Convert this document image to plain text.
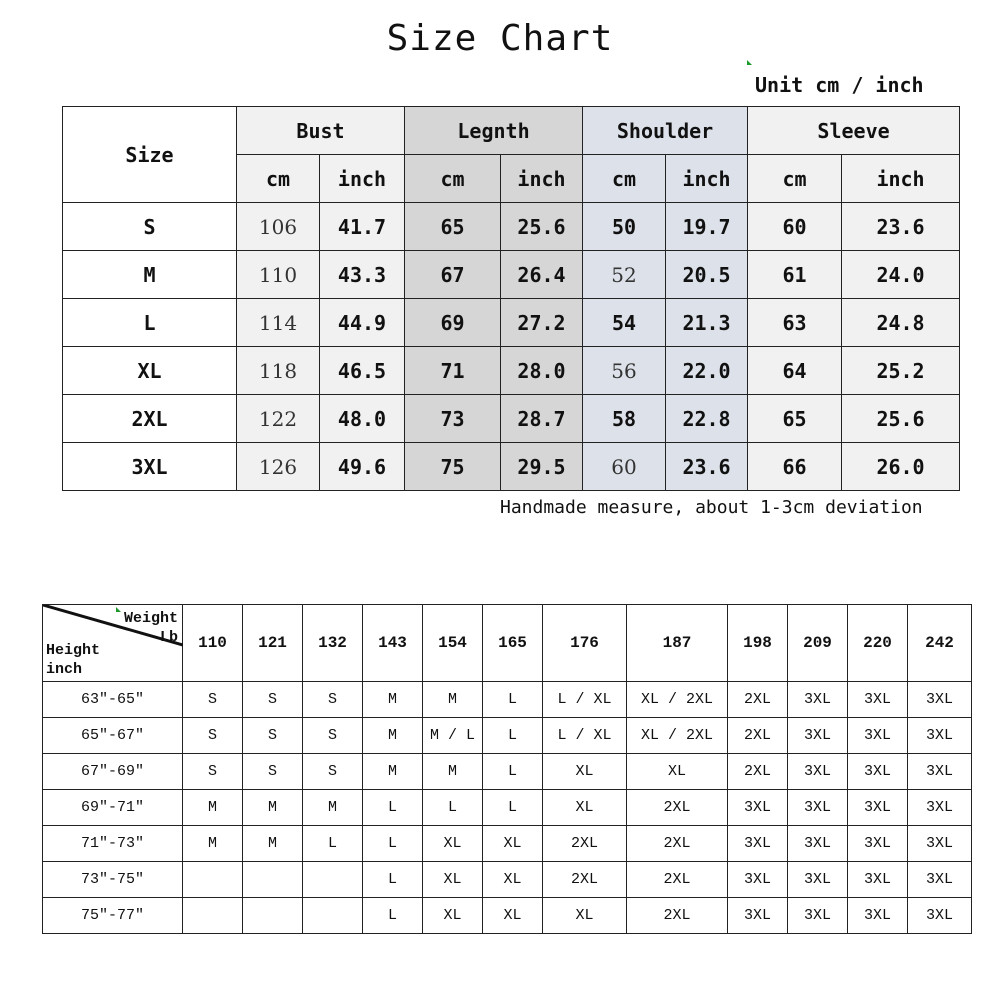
Size Chart
Unit cm / inch
Size	Bust		Legnth		Shoulder		Sleeve	
	cm	inch	cm	inch	cm	inch	cm	inch
S	106	41.7	65	25.6	50	19.7	60	23.6
M	110	43.3	67	26.4	52	20.5	61	24.0
L	114	44.9	69	27.2	54	21.3	63	24.8
XL	118	46.5	71	28.0	56	22.0	64	25.2
2XL	122	48.0	73	28.7	58	22.8	65	25.6
3XL	126	49.6	75	29.5	60	23.6	66	26.0
Handmade measure, about 1-3cm deviation
Weight
Lb
Height
inch	110	121	132	143	154	165	176	187	198	209	220	242
63″-65″	S	S	S	M	M	L	L / XL	XL / 2XL	2XL	3XL	3XL	3XL
65″-67″	S	S	S	M	M / L	L	L / XL	XL / 2XL	2XL	3XL	3XL	3XL
67″-69″	S	S	S	M	M	L	XL	XL	2XL	3XL	3XL	3XL
69″-71″	M	M	M	L	L	L	XL	2XL	3XL	3XL	3XL	3XL
71″-73″	M	M	L	L	XL	XL	2XL	2XL	3XL	3XL	3XL	3XL
73″-75″				L	XL	XL	2XL	2XL	3XL	3XL	3XL	3XL
75″-77″				L	XL	XL	XL	2XL	3XL	3XL	3XL	3XL
